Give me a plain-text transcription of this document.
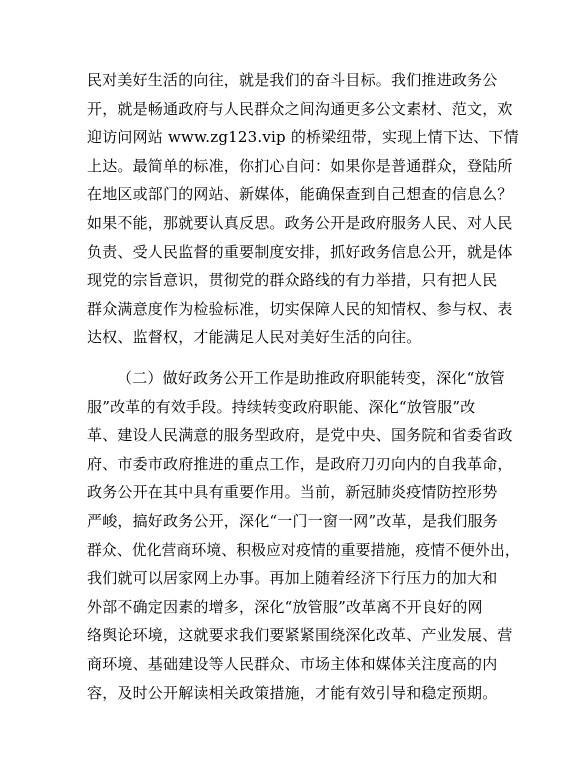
民对美好生活的向往，就是我们的奋斗目标。我们推进政务公
开，就是畅通政府与人民群众之间沟通更多公文素材、范文，欢
迎访问网站 www.zg123.vip 的桥梁纽带，实现上情下达、下情
上达。最简单的标准，你扪心自问：如果你是普通群众，登陆所
在地区或部门的网站、新媒体，能确保查到自己想查的信息么？
如果不能，那就要认真反思。政务公开是政府服务人民、对人民
负责、受人民监督的重要制度安排，抓好政务信息公开，就是体
现党的宗旨意识，贯彻党的群众路线的有力举措，只有把人民
群众满意度作为检验标准，切实保障人民的知情权、参与权、表
达权、监督权，才能满足人民对美好生活的向往。
（二）做好政务公开工作是助推政府职能转变，深化“放管
服”改革的有效手段。持续转变政府职能、深化“放管服”改
革、建设人民满意的服务型政府，是党中央、国务院和省委省政
府、市委市政府推进的重点工作，是政府刀刃向内的自我革命，
政务公开在其中具有重要作用。当前，新冠肺炎疫情防控形势
严峻，搞好政务公开，深化“一门一窗一网”改革，是我们服务
群众、优化营商环境、积极应对疫情的重要措施，疫情不便外出，
我们就可以居家网上办事。再加上随着经济下行压力的加大和
外部不确定因素的增多，深化“放管服”改革离不开良好的网
络舆论环境，这就要求我们要紧紧围绕深化改革、产业发展、营
商环境、基础建设等人民群众、市场主体和媒体关注度高的内
容，及时公开解读相关政策措施，才能有效引导和稳定预期。
